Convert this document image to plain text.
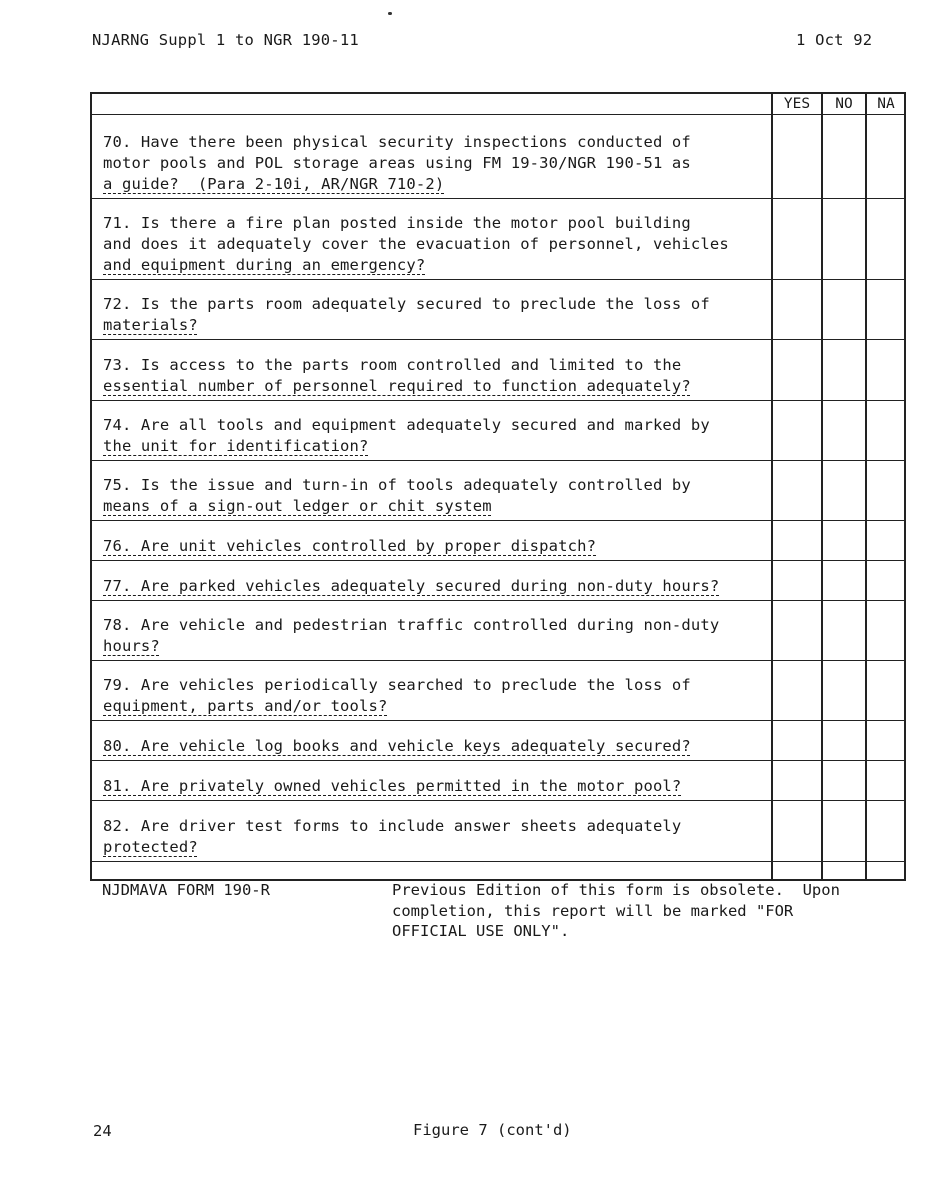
NJARNG Suppl 1 to NGR 190-11	1 Oct 92
YES	NO	NA
70. Have there been physical security inspections conducted of
motor pools and POL storage areas using FM 19-30/NGR 190-51 as
a guide?  (Para 2-10i, AR/NGR 710-2)
71. Is there a fire plan posted inside the motor pool building
and does it adequately cover the evacuation of personnel, vehicles
and equipment during an emergency?
72. Is the parts room adequately secured to preclude the loss of
materials?
73. Is access to the parts room controlled and limited to the
essential number of personnel required to function adequately?
74. Are all tools and equipment adequately secured and marked by
the unit for identification?
75. Is the issue and turn-in of tools adequately controlled by
means of a sign-out ledger or chit system
76. Are unit vehicles controlled by proper dispatch?
77. Are parked vehicles adequately secured during non-duty hours?
78. Are vehicle and pedestrian traffic controlled during non-duty
hours?
79. Are vehicles periodically searched to preclude the loss of
equipment, parts and/or tools?
80. Are vehicle log books and vehicle keys adequately secured?
81. Are privately owned vehicles permitted in the motor pool?
82. Are driver test forms to include answer sheets adequately
protected?
NJDMAVA FORM 190-R	Previous Edition of this form is obsolete.  Upon
completion, this report will be marked "FOR
OFFICIAL USE ONLY".
24	Figure 7 (cont'd)
